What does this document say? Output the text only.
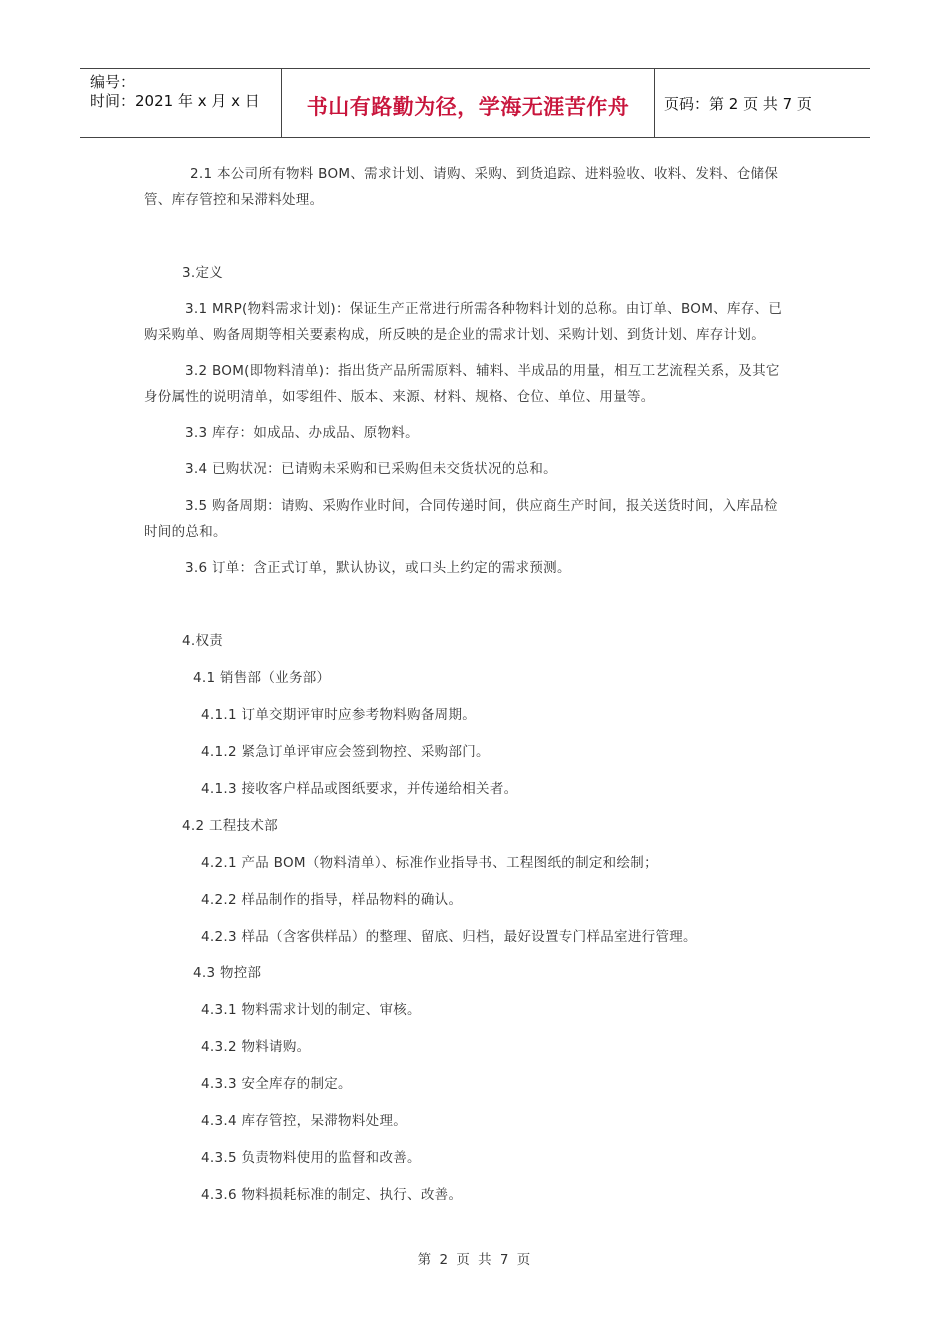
编号：
时间：2021 年 x 月 x 日	书山有路勤为径，学海无涯苦作舟	页码：第 2 页 共 7 页
2.1 本公司所有物料 BOM、需求计划、请购、采购、到货追踪、进料验收、收料、发料、仓储保
管、库存管控和呆滞料处理。
3.定义
3.1 MRP(物料需求计划)：保证生产正常进行所需各种物料计划的总称。由订单、BOM、库存、已
购采购单、购备周期等相关要素构成，所反映的是企业的需求计划、采购计划、到货计划、库存计划。
3.2 BOM(即物料清单)：指出货产品所需原料、辅料、半成品的用量，相互工艺流程关系，及其它
身份属性的说明清单，如零组件、版本、来源、材料、规格、仓位、单位、用量等。
3.3 库存：如成品、办成品、原物料。
3.4 已购状况：已请购未采购和已采购但未交货状况的总和。
3.5 购备周期：请购、采购作业时间，合同传递时间，供应商生产时间，报关送货时间，入库品检
时间的总和。
3.6 订单：含正式订单，默认协议，或口头上约定的需求预测。
4.权责
4.1 销售部（业务部）
4.1.1 订单交期评审时应参考物料购备周期。
4.1.2 紧急订单评审应会签到物控、采购部门。
4.1.3 接收客户样品或图纸要求，并传递给相关者。
4.2 工程技术部
4.2.1 产品 BOM（物料清单）、标准作业指导书、工程图纸的制定和绘制；
4.2.2 样品制作的指导，样品物料的确认。
4.2.3 样品（含客供样品）的整理、留底、归档，最好设置专门样品室进行管理。
4.3 物控部
4.3.1 物料需求计划的制定、审核。
4.3.2 物料请购。
4.3.3 安全库存的制定。
4.3.4 库存管控，呆滞物料处理。
4.3.5 负责物料使用的监督和改善。
4.3.6 物料损耗标准的制定、执行、改善。
第 2 页 共 7 页
